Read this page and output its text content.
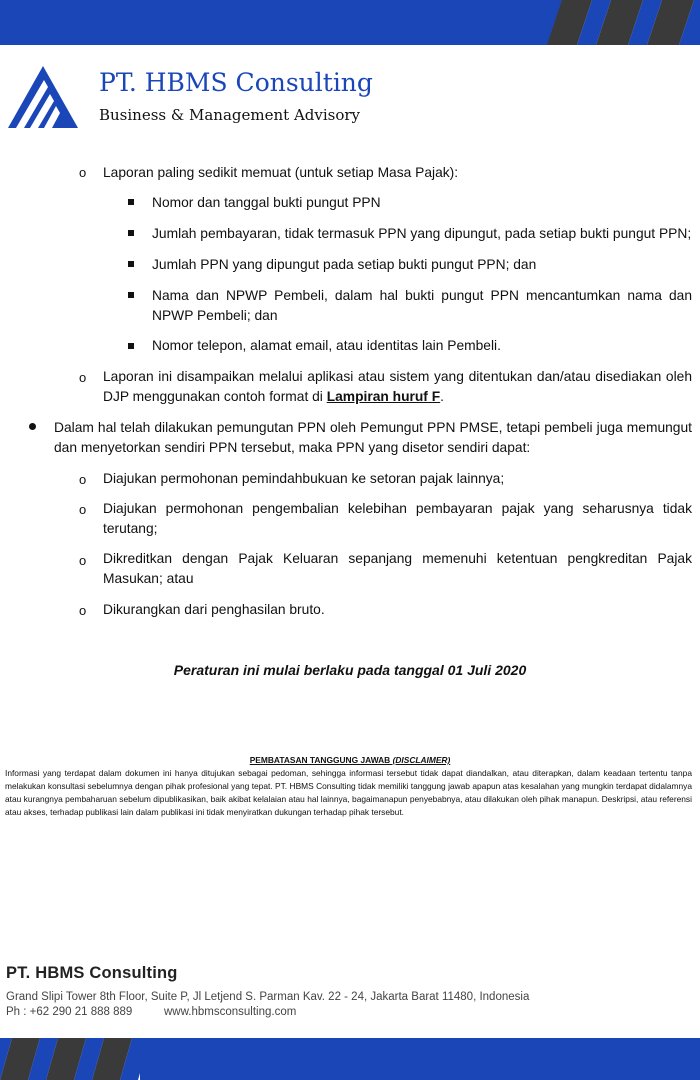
PT. HBMS Consulting
Business & Management Advisory
o Laporan paling sedikit memuat (untuk setiap Masa Pajak):
Nomor dan tanggal bukti pungut PPN
Jumlah pembayaran, tidak termasuk PPN yang dipungut, pada setiap bukti pungut PPN;
Jumlah PPN yang dipungut pada setiap bukti pungut PPN; dan
Nama dan NPWP Pembeli, dalam hal bukti pungut PPN mencantumkan nama dan NPWP Pembeli; dan
Nomor telepon, alamat email, atau identitas lain Pembeli.
o Laporan ini disampaikan melalui aplikasi atau sistem yang ditentukan dan/atau disediakan oleh DJP menggunakan contoh format di Lampiran huruf F.
Dalam hal telah dilakukan pemungutan PPN oleh Pemungut PPN PMSE, tetapi pembeli juga memungut dan menyetorkan sendiri PPN tersebut, maka PPN yang disetor sendiri dapat:
o Diajukan permohonan pemindahbukuan ke setoran pajak lainnya;
o Diajukan permohonan pengembalian kelebihan pembayaran pajak yang seharusnya tidak terutang;
o Dikreditkan dengan Pajak Keluaran sepanjang memenuhi ketentuan pengkreditan Pajak Masukan; atau
o Dikurangkan dari penghasilan bruto.
Peraturan ini mulai berlaku pada tanggal 01 Juli 2020
PEMBATASAN TANGGUNG JAWAB (DISCLAIMER)
Informasi yang terdapat dalam dokumen ini hanya ditujukan sebagai pedoman, sehingga informasi tersebut tidak dapat diandalkan, atau diterapkan, dalam keadaan tertentu tanpa melakukan konsultasi sebelumnya dengan pihak profesional yang tepat. PT. HBMS Consulting tidak memiliki tanggung jawab apapun atas kesalahan yang mungkin terdapat didalamnya atau kurangnya pembaharuan sebelum dipublikasikan, baik akibat kelalaian atau hal lainnya, bagaimanapun penyebabnya, atau dilakukan oleh pihak manapun. Deskripsi, atau referensi atau akses, terhadap publikasi lain dalam publikasi ini tidak menyiratkan dukungan terhadap pihak tersebut.
PT. HBMS Consulting
Grand Slipi Tower 8th Floor, Suite P, Jl Letjend S. Parman Kav. 22 - 24, Jakarta Barat 11480, Indonesia
Ph : +62 290 21 888 889	www.hbmsconsulting.com
